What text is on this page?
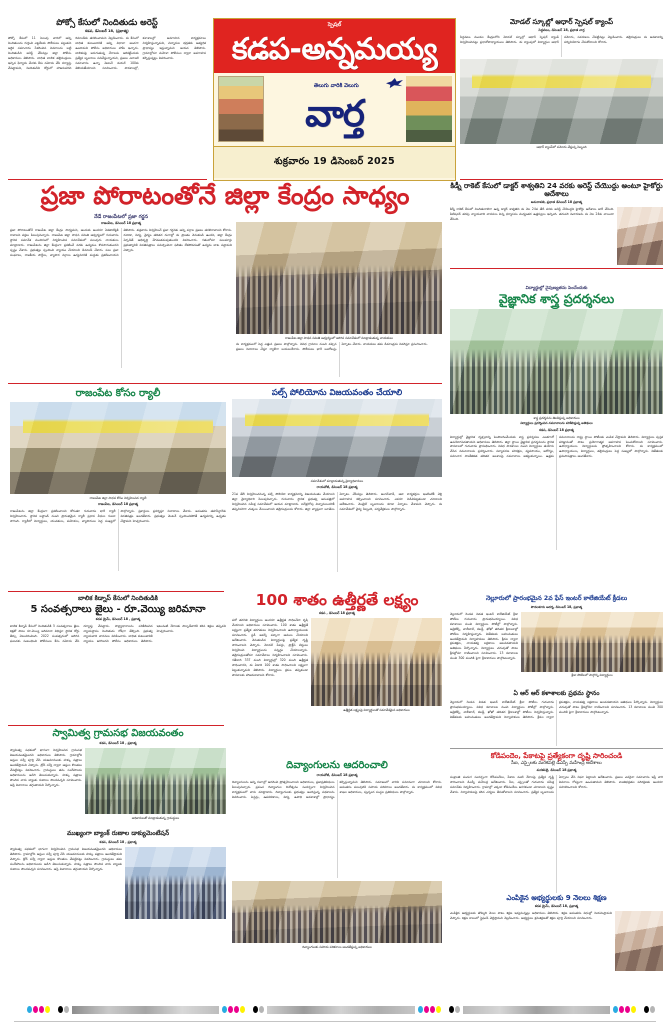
పోక్సో కేసులో నిందితుడు అరెస్ట్
కడప, డిసెంబర్ 18, (ప్రభాత్మ)
పోక్సో కేసులో 11 సెలువు వారిలో అన్ని నిందితులను గుర్తించి ఎట్టకేలకు పోలీసులు పట్టుకుని ఆర్థిక సమాచారం సేకరించిన వివరాలను బట్టి నిందితుడిని అరెస్ట్ చేసినట్లు జిల్లా పోలీసు అధికారులు తెలిపారు. బాధిత బాలిక తల్లిదండ్రులు ఇచ్చిన ఫిర్యాదు మేరకు కేసు నమోదు చేసి దర్యాప్తు చేపట్టామని, నిందితుడిని కోర్టులో హాజరుపరిచి రిమాండ్‌కు తరలించామని వెల్లడించారు. ఈ కేసులో బాధిత కుటుంబానికి అన్ని విధాలా అండగా ఉంటామని పోలీసు అధికారులు హామీ ఇచ్చారు. బాలికలపై జరుగుతున్న నేరాలను అరికట్టేందుకు ప్రత్యేక బృందాలు పనిచేస్తున్నాయని, ప్రజలు ఎలాంటి సమాచారం ఉన్నా వెంటనే డయల్ 100కు తెలియజేయాలని సూచించారు. పాఠశాలల్లో, కళాశాలల్లో అవగాహన కార్యక్రమాలు నిర్వహిస్తున్నామని, చిన్నారుల భద్రతకు అత్యధిక ప్రాధాన్యం ఇస్తున్నామని ఆయన తెలిపారు. గ్రామాల్లోనూ మహిళా పోలీసుల ద్వారా అవగాహన కల్పిస్తున్నట్లు వివరించారు.
స్పెషల్
కడప-అన్నమయ్య
తెలుగు వారికి వెలుగు
వార్త
శుక్రవారం 19 డిసెంబర్ 2025
మోడల్ స్కూల్లో ఆధార్ స్పెషల్ క్యాంప్
సిద్ధవటం, డిసెంబర్ 18, ప్రభాత వార్త
సిద్ధవటం మండల కేంద్రంలోని మోడల్ స్కూల్లో ఆధార్ స్పెషల్ క్యాంప్ నిర్వహించినట్లు ప్రధానోపాధ్యాయులు తెలిపారు. ఈ క్యాంపులో విద్యార్థుల ఆధార్ నమోదు, సవరణలు చేపట్టినట్లు వెల్లడించారు. తల్లిదండ్రులు ఈ అవకాశాన్ని సద్వినియోగం చేసుకోవాలని కోరారు.
ఆధార్ క్యాంప్‌లో నమోదు చేస్తున్న సిబ్బంది
ప్రజా పోరాటంతోనే జిల్లా కేంద్రం సాధ్యం
నేడే రాజంపేటలో ప్రజా గర్జన
రాజంపేట, డిసెంబర్ 18 ప్రభాత్మ
ప్రజా పోరాటంతోనే రాజంపేట జిల్లా కేంద్రం సాధ్యమని, అందుకు అందరూ ఏకతాటిపైకి రావాలని వక్తలు పిలుపునిచ్చారు. రాజంపేట జిల్లా సాధన సమితి ఆధ్వర్యంలో గురువారం స్థానిక సమావేశ మందిరంలో నిర్వహించిన సమావేశంలో పలువురు నాయకులు మాట్లాడారు. రాజంపేటను జిల్లా కేంద్రంగా ప్రకటించే వరకు ఉద్యమం కొనసాగుతుందని స్పష్టం చేశారు. ప్రభుత్వం స్పందించి న్యాయం చేయాలని డిమాండ్ చేశారు. పలు ప్రజా సంఘాలు, రాజకీయ పార్టీలు, వ్యాపార వర్గాలు ఉద్యమానికి మద్దతు ప్రకటించాయని తెలిపారు. శుక్రవారం నిర్వహించే ప్రజా గర్జనకు అన్ని వర్గాల ప్రజలు తరలిరావాలని కోరారు. రవాణా, విద్య, వైద్యం తదితర రంగాల్లో ఈ ప్రాంతం వెనుకబడి ఉందని, జిల్లా కేంద్రం ఏర్పడితే అభివృద్ధి వేగవంతమవుతుందని వివరించారు. గతంలోనూ పలుమార్లు ప్రభుత్వానికి వినతిపత్రాలు సమర్పించినా ఫలితం లేకపోవడంతో ఉద్యమ బాట పట్టామని చెప్పారు.
రాజంపేట జిల్లా సాధన సమితి ఆధ్వర్యంలో జరిగిన సమావేశంలో మాట్లాడుతున్న నాయకులు
ఈ కార్యక్రమంలో పెద్ద ఎత్తున ప్రజలు పాల్గొన్నారు. వివిధ గ్రామాల నుంచి వచ్చిన ప్రజలు నినాదాలు చేస్తూ ర్యాలీగా బయలుదేరారు. పోలీసులు భారీ బందోబస్తు ఏర్పాటు చేశారు. నాయకులు తమ డిమాండ్లను వివరిస్తూ ప్రసంగించారు.
కిడ్నీ రాకెట్ కేసులో డాక్టర్ శాశ్వతిని 24 వరకు అరెస్ట్ చేయొద్దు అంటూ హైకోర్టు ఆదేశాలు
అమరావతి, ప్రభాత డిసెంబర్ 18 ప్రభాత్మ
కిడ్నీ రాకెట్ కేసులో నిందితురాలిగా ఉన్న డాక్టర్ శాశ్వతిని ఈ నెల 24వ తేదీ వరకు అరెస్ట్ చేయొద్దని హైకోర్టు ఆదేశాలు జారీ చేసింది. పిటిషనర్ తరఫు న్యాయవాది వాదనలు విన్న ధర్మాసనం మధ్యంతర ఉత్తర్వులు ఇచ్చింది. తదుపరి విచారణను ఈ నెల 24కు వాయిదా వేసింది.
విద్యార్థుల్లో నైపుణ్యతను పెంచేందుకు
వైజ్ఞానిక శాస్త్ర ప్రదర్శనలు
శాస్త్ర ప్రదర్శనను తిలకిస్తున్న అధికారులు
విద్యార్థులు ప్రదర్శించిన నమూనాలను పరిశీలిస్తున్న అతిథులు
కడప, డిసెంబర్ 18 ప్రభాత్మ
విద్యార్థుల్లో వైజ్ఞానిక దృక్పథాన్ని పెంపొందించేందుకు శాస్త్ర ప్రదర్శనలు ఎంతగానో ఉపయోగపడతాయని అధికారులు తెలిపారు. జిల్లా స్థాయి వైజ్ఞానిక ప్రదర్శనలను స్థానిక పాఠశాలలో గురువారం ప్రారంభించారు. వివిధ పాఠశాలల నుంచి విద్యార్థులు తయారు చేసిన నమూనాలను ప్రదర్శించారు. పర్యావరణ పరిరక్షణ, వ్యవసాయం, ఆరోగ్యం, సమాచార సాంకేతికత తదితర అంశాలపై నమూనాలు ఆకట్టుకున్నాయి. ఉత్తమ నమూనాలను రాష్ట్ర స్థాయి పోటీలకు ఎంపిక చేస్తామని తెలిపారు. విద్యార్థులు పుస్తక పరిజ్ఞానంతో పాటు ప్రయోగాత్మక అవగాహన పెంచుకోవాలని సూచించారు. ఉపాధ్యాయులు విద్యార్థులను ప్రోత్సహించాలని కోరారు. ఈ కార్యక్రమంలో ఉపాధ్యాయులు, విద్యార్థులు, తల్లిదండ్రులు పెద్ద సంఖ్యలో పాల్గొన్నారు. విజేతలకు ప్రశంసాపత్రాలు అందజేశారు.
రాజంపేట కోసం ర్యాలీ
రాజంపేట జిల్లా సాధన కోసం నిర్వహించిన ర్యాలీ
రాజంపేట, డిసెంబర్ 18 ప్రభాత్మ
రాజంపేటను జిల్లా కేంద్రంగా ప్రకటించాలని కోరుతూ గురువారం భారీ ర్యాలీ నిర్వహించారు. స్థానిక బస్టాండ్ నుంచి ప్రారంభమైన ర్యాలీ ప్రధాన వీధుల గుండా సాగింది. ర్యాలీలో విద్యార్థులు, యువకులు, మహిళలు, వ్యాపారులు పెద్ద సంఖ్యలో పాల్గొన్నారు. ప్లకార్డులు ప్రదర్శిస్తూ నినాదాలు చేశారు. అనంతరం తహసీల్దార్‌కు వినతిపత్రం అందజేశారు. ప్రభుత్వం వెంటనే స్పందించకపోతే ఉద్యమాన్ని ఉధృతం చేస్తామని హెచ్చరించారు.
పల్స్ పోలియోను విజయవంతం చేయాలి
సమావేశంలో మాట్లాడుతున్న వైద్యాధికారులు
రాయచోటి, డిసెంబర్ 18 ప్రభాత్మ
21వ తేదీ నిర్వహించనున్న పల్స్ పోలియో కార్యక్రమాన్ని విజయవంతం చేయాలని జిల్లా వైద్యాధికారి పిలుపునిచ్చారు. గురువారం స్థానిక ప్రభుత్వ ఆసుపత్రిలో నిర్వహించిన సమీక్ష సమావేశంలో ఆయన మాట్లాడారు. ఐదేళ్లలోపు చిన్నారులందరికీ తప్పనిసరిగా చుక్కలు వేయించాలని తల్లిదండ్రులను కోరారు. జిల్లా వ్యాప్తంగా బూత్‌లు ఏర్పాటు చేసినట్లు తెలిపారు. అంగన్‌వాడీ, ఆశా కార్యకర్తలు ఇంటింటికీ వెళ్లి అవగాహన కల్పించాలని సూచించారు. ఎవరూ విడిచిపెట్టకుండా చూడాలని ఆదేశించారు. మొబైల్ బృందాలను కూడా ఏర్పాటు చేశామని చెప్పారు. ఈ సమావేశంలో వైద్య సిబ్బంది, పర్యవేక్షకులు పాల్గొన్నారు.
బాలిక కిడ్నాప్ కేసులో నిందితుడికి
5 సంవత్సరాలు జైలు - రూ.వెయ్యి జరిమానా
కడప క్రైమ్, డిసెంబర్ 18 , ప్రభాత్మ
బాలిక కిడ్నాప్ కేసులో నిందితుడికి 5 సంవత్సరాలు జైలు శిక్షతో పాటు రూ.వెయ్యి జరిమానా విధిస్తూ స్థానిక కోర్టు తీర్పు వెలువరించింది. 2022 సంవత్సరంలో జరిగిన ఘటనకు సంబంధించి పోలీసులు కేసు నమోదు చేసి దర్యాప్తు చేపట్టారు. సాక్ష్యాధారాలను పరిశీలించిన న్యాయస్థానం నిందితుడు దోషిగా తేల్చింది. ప్రభుత్వ న్యాయవాది వాదనలు వినిపించారు. బాధిత కుటుంబానికి న్యాయం జరిగిందని పోలీసు అధికారులు తెలిపారు. ఇటువంటి నేరాలకు పాల్పడేవారికి కఠిన శిక్షలు తప్పవని హెచ్చరించారు.
100 శాతం ఉత్తీర్ణతే లక్ష్యం
కడప , డిసెంబర్ 18 ప్రభాత్మ
పదో తరగతి విద్యార్థులు అందరూ ఉత్తీర్ణత సాధించేలా కృషి చేయాలని అధికారులు సూచించారు. 100 శాతం ఉత్తీర్ణతే లక్ష్యంగా ప్రత్యేక తరగతులు నిర్వహించాలని ఉపాధ్యాయులకు సూచించారు. స్టడీ అవర్స్ పక్కాగా అమలు చేయాలని ఆదేశించారు. వెనుకబడిన విద్యార్థులపై ప్రత్యేక దృష్టి సారించాలని చెప్పారు. మోడల్ పేపర్లు, ప్రాక్టీస్ టెస్టులు నిర్వహించి విద్యార్థులను సన్నద్ధం చేయాలన్నారు. తల్లిదండ్రులతోనూ సమావేశాలు నిర్వహించాలని సూచించారు. గతేడాది 337 మంది విద్యార్థుల్లో 320 మంది ఉత్తీర్ణత సాధించారని, ఈ ఏడాది 100 శాతం సాధించాలని లక్ష్యంగా పెట్టుకున్నామని తెలిపారు. విద్యార్థులు క్రమం తప్పకుండా పాఠశాలకు హాజరుకావాలని కోరారు.
ఉత్తీర్ణత లక్ష్యంపై విద్యార్థులతో సమావేశమైన అధికారులు
స్వామిత్వ గ్రామసభ విజయవంతం
కడప, డిసెంబర్ 18 , ప్రభాత్మ
స్వామిత్వ పథకంలో భాగంగా నిర్వహించిన గ్రామసభ విజయవంతమైందని అధికారులు తెలిపారు. గ్రామాల్లోని ఆస్తుల సర్వే పూర్తి చేసి యజమానులకు హక్కు పత్రాలు అందజేస్తామని చెప్పారు. డ్రోన్ సర్వే ద్వారా ఆస్తుల కొలతలు చేపట్టినట్లు వివరించారు. గ్రామస్థులు తమ సందేహాలను అధికారులను అడిగి తెలుసుకున్నారు. హక్కు పత్రాలు పొందిన వారు బ్యాంకు రుణాలు పొందవచ్చని సూచించారు. ఆస్తి వివాదాలు తగ్గుతాయని పేర్కొన్నారు.
అధికారులతో మాట్లాడుతున్న గ్రామస్థులు
ముఖ్యంగా బ్యాంక్ రుణాల డాక్యుమెంటేషన్
కడప, డిసెంబర్ 18 , ప్రభాత్మ
స్వామిత్వ పథకంలో భాగంగా నిర్వహించిన గ్రామసభ విజయవంతమైందని అధికారులు తెలిపారు. గ్రామాల్లోని ఆస్తుల సర్వే పూర్తి చేసి యజమానులకు హక్కు పత్రాలు అందజేస్తామని చెప్పారు. డ్రోన్ సర్వే ద్వారా ఆస్తుల కొలతలు చేపట్టినట్లు వివరించారు. గ్రామస్థులు తమ సందేహాలను అధికారులను అడిగి తెలుసుకున్నారు. హక్కు పత్రాలు పొందిన వారు బ్యాంకు రుణాలు పొందవచ్చని సూచించారు. ఆస్తి వివాదాలు తగ్గుతాయని పేర్కొన్నారు.
దివ్యాంగులను ఆదరించాలి
రాయచోటి, డిసెంబర్ 18 ప్రభాత్మ
దివ్యాంగులను అన్ని రంగాల్లో ఆదరించి ప్రోత్సహించాలని అధికారులు, ప్రజాప్రతినిధులు పిలుపునిచ్చారు. ప్రపంచ దివ్యాంగుల దినోత్సవం సందర్భంగా నిర్వహించిన కార్యక్రమంలో వారు మాట్లాడారు. దివ్యాంగులకు ప్రభుత్వం అందిస్తున్న పథకాలను వివరించారు. పెన్షన్లు, ఉపకరణాలు, విద్య, ఉపాధి అవకాశాల్లో ప్రాధాన్యం కల్పిస్తున్నామని తెలిపారు. సమాజంలో వారిని సమానంగా చూడాలని కోరారు. అనంతరం పలువురికి సహాయ పరికరాలు అందజేశారు. ఈ కార్యక్రమంలో వివిధ శాఖల అధికారులు, స్వచ్ఛంద సంస్థల ప్రతినిధులు పాల్గొన్నారు.
దివ్యాంగులకు సహాయ పరికరాలు అందజేస్తున్న అధికారులు
నెల్లూరులో ప్రారంభమైన 2వ ఫేస్ ఇంటర్ కాలేజియేట్ క్రీడలు
పొదలకూరు ఆదర్శ, డిసెంబర్ 18, ప్రభాత్మ
నెల్లూరులో రెండవ విడత ఇంటర్ కాలేజియేట్ క్రీడా పోటీలు గురువారం ప్రారంభమయ్యాయి. వివిధ కళాశాలల నుంచి విద్యార్థులు పోటీల్లో పాల్గొన్నారు. అథ్లెటిక్స్, వాలీబాల్, కబడ్డీ, ఖోఖో తదితర క్రీడాంశాల్లో పోటీలు నిర్వహిస్తున్నారు. విజేతలకు బహుమతులు అందజేస్తామని నిర్వాహకులు తెలిపారు. క్రీడల ద్వారా క్రమశిక్షణ, నాయకత్వ లక్షణాలు అలవడతాయని అతిథులు పేర్కొన్నారు. విద్యార్థులు చదువుతో పాటు క్రీడల్లోనూ రాణించాలని సూచించారు. 13 కళాశాలల నుంచి 300 మందికి పైగా క్రీడాకారులు పాల్గొంటున్నారు.
క్రీడా పోటీలలో పాల్గొన్న విద్యార్థులు
ఏ ఆర్ ఆర్ కళాశాలకు ప్రథమ స్థానం
నెల్లూరులో రెండవ విడత ఇంటర్ కాలేజియేట్ క్రీడా పోటీలు గురువారం ప్రారంభమయ్యాయి. వివిధ కళాశాలల నుంచి విద్యార్థులు పోటీల్లో పాల్గొన్నారు. అథ్లెటిక్స్, వాలీబాల్, కబడ్డీ, ఖోఖో తదితర క్రీడాంశాల్లో పోటీలు నిర్వహిస్తున్నారు. విజేతలకు బహుమతులు అందజేస్తామని నిర్వాహకులు తెలిపారు. క్రీడల ద్వారా క్రమశిక్షణ, నాయకత్వ లక్షణాలు అలవడతాయని అతిథులు పేర్కొన్నారు. విద్యార్థులు చదువుతో పాటు క్రీడల్లోనూ రాణించాలని సూచించారు. 13 కళాశాలల నుంచి 300 మందికి పైగా క్రీడాకారులు పాల్గొంటున్నారు.
కోడిపందెం, పేకాటపై ప్రత్యేకంగా దృష్టి సారించండి
సీఐ, ఎస్సైలకు మరకపల్లె డిఎస్పీ మహేంద్ర ఆదేశాలు
మరకపల్లె, డిసెంబర్ 18 ప్రభాత్మ
సంక్రాంతి పండుగ సందర్భంగా కోడిపందేలు, పేకాట వంటి నేరాలపై ప్రత్యేక దృష్టి సారించాలని డిఎస్పీ మహేంద్ర ఆదేశించారు. సీఐ, ఎస్సైలతో గురువారం సమీక్ష సమావేశం నిర్వహించారు. గ్రామాల్లో ఎక్కడా కోడిపందేలు జరగకుండా చూడాలని స్పష్టం చేశారు. నిర్వాహకులపై కఠిన చర్యలు తీసుకోవాలని సూచించారు. ప్రత్యేక బృందాలను ఏర్పాటు చేసి నిఘా పెట్టాలని ఆదేశించారు. ప్రజలు ఎవరైనా సమాచారం ఇస్తే వారి వివరాలు గోప్యంగా ఉంచుతామని తెలిపారు. శాంతిభద్రతల పరిరక్షణకు అందరూ సహకరించాలని కోరారు.
ఎంపికైన అభ్యర్థులకు 9 నెలలు శిక్షణ
కడప క్రైమ్, డిసెంబర్ 18, ప్రభాత్మ
ఎంపికైన అభ్యర్థులకు తొమ్మిది నెలల పాటు శిక్షణ ఇవ్వనున్నట్లు అధికారులు తెలిపారు. శిక్షణ అనంతరం విధుల్లో నియమిస్తామని చెప్పారు. శిక్షణ కాలంలో స్టైఫండ్ చెల్లిస్తామని వెల్లడించారు. అభ్యర్థులు క్రమశిక్షణతో శిక్షణ పూర్తి చేయాలని సూచించారు.
